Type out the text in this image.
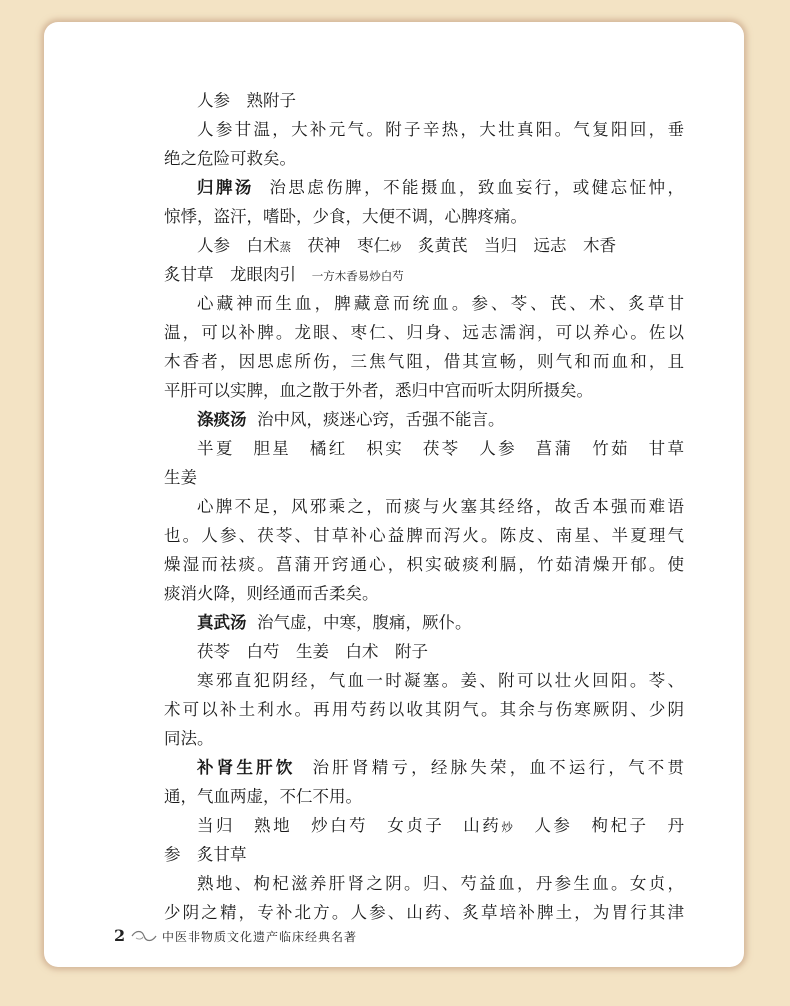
人参　熟附子
人参甘温，大补元气。附子辛热，大壮真阳。气复阳回，垂
绝之危险可救矣。
归脾汤 治思虑伤脾，不能摄血，致血妄行，或健忘怔忡，
惊悸，盗汗，嗜卧，少食，大便不调，心脾疼痛。
人参　白术蒸　 茯神　枣仁炒　 炙黄芪　当归　远志　木香
炙甘草　龙眼肉引 一方木香易炒白芍
心藏神而生血，脾藏意而统血。参、苓、芪、术、炙草甘
温，可以补脾。龙眼、枣仁、归身、远志濡润，可以养心。佐以
木香者，因思虑所伤，三焦气阻，借其宣畅，则气和而血和，且
平肝可以实脾，血之散于外者，悉归中宫而听太阴所摄矣。
涤痰汤 治中风，痰迷心窍，舌强不能言。
半夏　胆星　橘红　枳实　茯苓　人参　菖蒲　竹茹　甘草
生姜
心脾不足，风邪乘之，而痰与火塞其经络，故舌本强而难语
也。人参、茯苓、甘草补心益脾而泻火。陈皮、南星、半夏理气
燥湿而祛痰。菖蒲开窍通心，枳实破痰利膈，竹茹清燥开郁。使
痰消火降，则经通而舌柔矣。
真武汤 治气虚，中寒，腹痛，厥仆。
茯苓　白芍　生姜　白术　附子
寒邪直犯阴经，气血一时凝塞。姜、附可以壮火回阳。苓、
术可以补土利水。再用芍药以收其阴气。其余与伤寒厥阴、少阴
同法。
补肾生肝饮 治肝肾精亏，经脉失荣，血不运行，气不贯
通，气血两虚，不仁不用。
当归　熟地　炒白芍　女贞子　山药炒　 人参　枸杞子　丹
参　炙甘草
熟地、枸杞滋养肝肾之阴。归、芍益血，丹参生血。女贞，
少阴之精，专补北方。人参、山药、炙草培补脾土，为胃行其津
2	中医非物质文化遗产临床经典名著
